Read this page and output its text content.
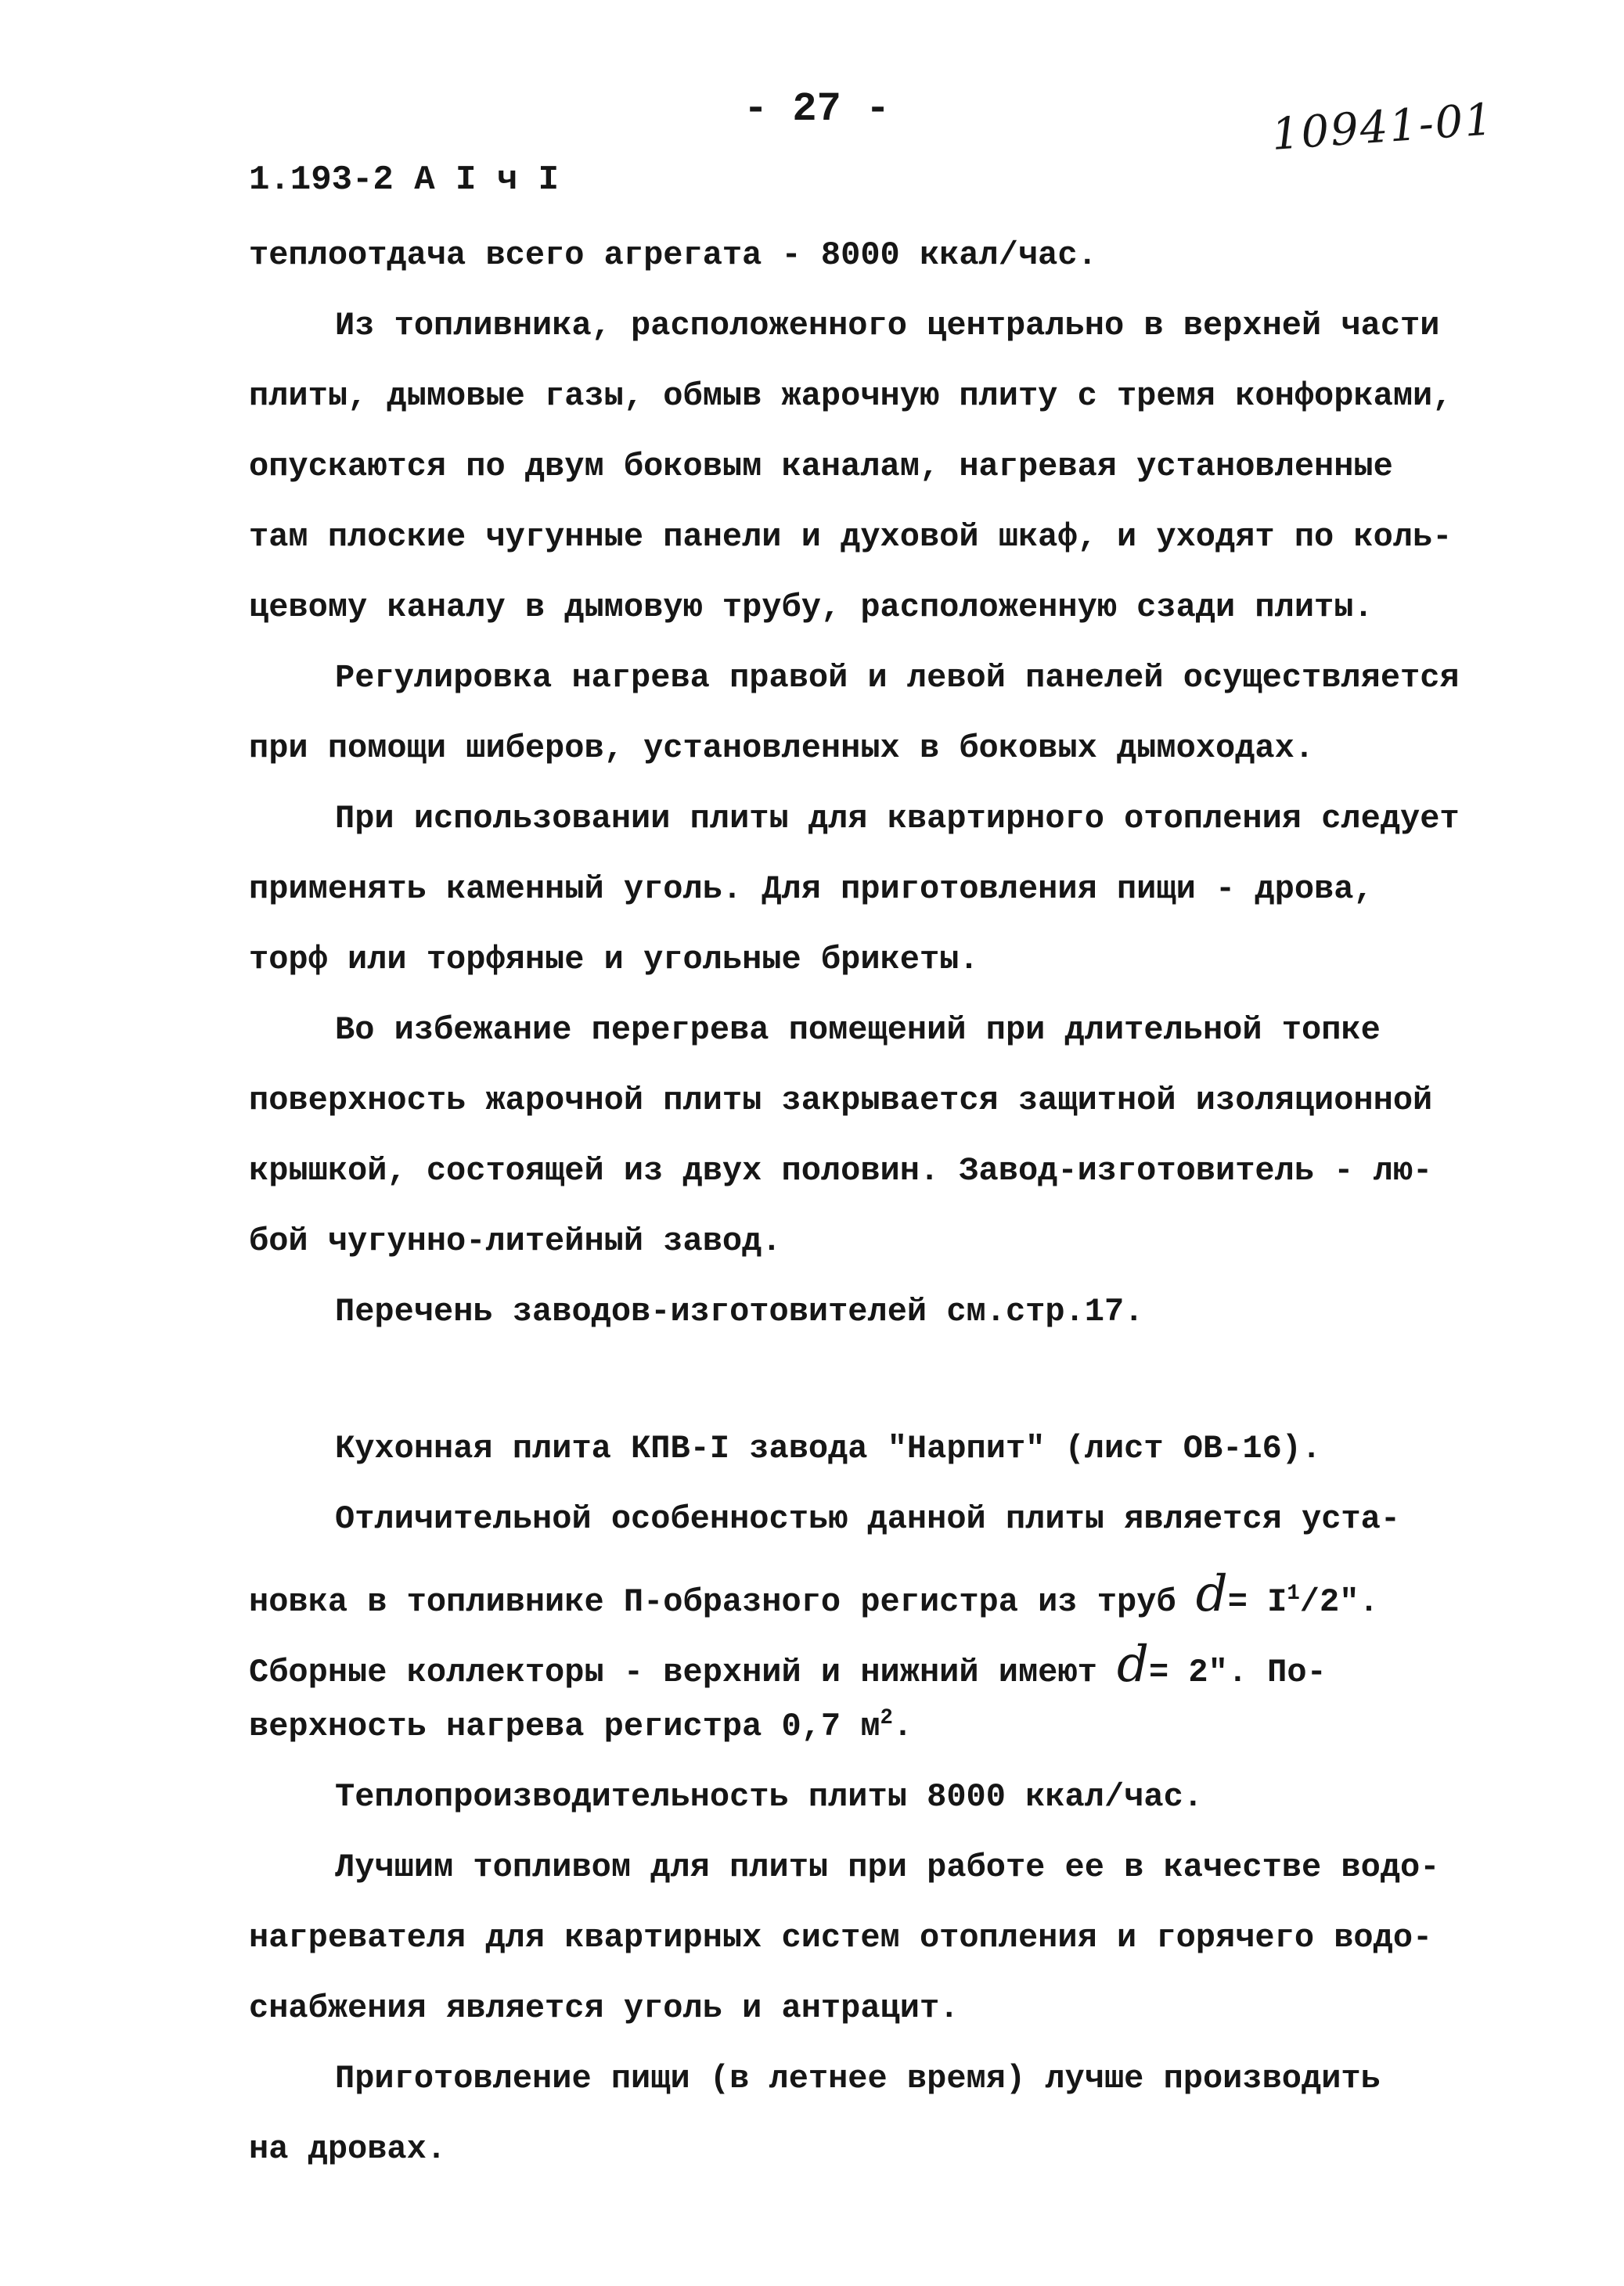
- 27 -	10941-01
1.193-2 А I ч I
теплоотдача всего агрегата - 8000 ккал/час.
Из топливника, расположенного центрально в верхней части
плиты, дымовые газы, обмыв жарочную плиту с тремя конфорками,
опускаются по двум боковым каналам, нагревая установленные
там плоские чугунные панели и духовой шкаф, и уходят по коль-
цевому каналу в дымовую трубу, расположенную сзади плиты.
Регулировка нагрева правой и левой панелей осуществляется
при помощи шиберов, установленных в боковых дымоходах.
При использовании плиты для квартирного отопления следует
применять каменный уголь. Для приготовления пищи - дрова,
торф или торфяные и угольные брикеты.
Во избежание перегрева помещений при длительной топке
поверхность жарочной плиты закрывается защитной изоляционной
крышкой, состоящей из двух половин. Завод-изготовитель - лю-
бой чугунно-литейный завод.
Перечень заводов-изготовителей см.стр.17.
Кухонная плита КПВ-I завода "Нарпит" (лист ОВ-16).
Отличительной особенностью данной плиты является уста-
новка в топливнике П-образного регистра из труб $d= I^1/2$".
Сборные коллекторы - верхний и нижний имеют d= 2". По-
верхность нагрева регистра 0,7 $м^2$.
Теплопроизводительность плиты 8000 ккал/час.
Лучшим топливом для плиты при работе ее в качестве водо-
нагревателя для квартирных систем отопления и горячего водо-
снабжения является уголь и антрацит.
Приготовление пищи (в летнее время) лучше производить
на дровах.
